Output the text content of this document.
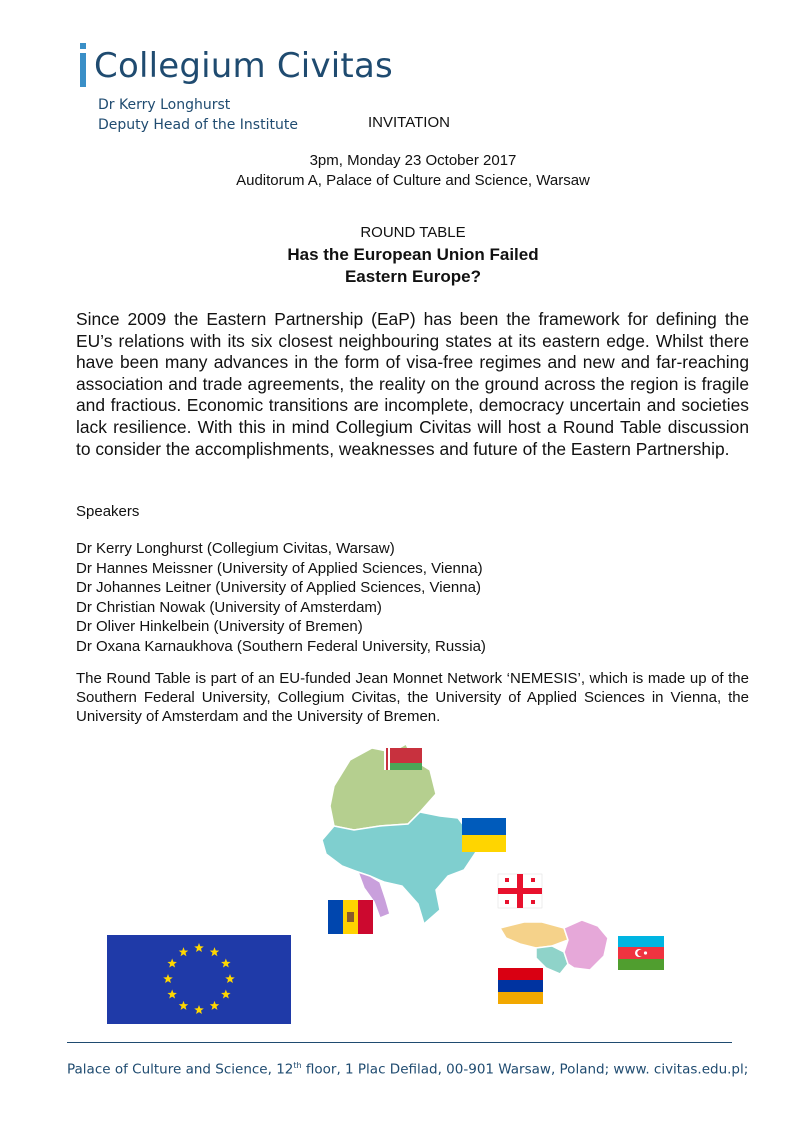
Collegium Civitas
Dr Kerry Longhurst
Deputy Head of the Institute	INVITATION
3pm, Monday 23 October 2017
Auditorum A, Palace of Culture and Science, Warsaw
ROUND TABLE
Has the European Union Failed
Eastern Europe?

Since 2009 the Eastern Partnership (EaP) has been the framework for defining the EU’s relations with its six closest neighbouring states at its eastern edge. Whilst there have been many advances in the form of visa-free regimes and new and far-reaching association and trade agreements, the reality on the ground across the region is fragile and fractious. Economic transitions are incomplete, democracy uncertain and societies lack resilience. With this in mind Collegium Civitas will host a Round Table discussion to consider the accomplishments, weaknesses and future of the Eastern Partnership.

Speakers
Dr Kerry Longhurst (Collegium Civitas, Warsaw)
Dr Hannes Meissner (University of Applied Sciences, Vienna)
Dr Johannes Leitner (University of Applied Sciences, Vienna)
Dr Christian Nowak (University of Amsterdam)
Dr Oliver Hinkelbein (University of Bremen)
Dr Oxana Karnaukhova (Southern Federal University, Russia)

The Round Table is part of an EU-funded Jean Monnet Network ‘NEMESIS’, which is made up of the Southern Federal University, Collegium Civitas, the University of Applied Sciences in Vienna, the University of Amsterdam and the University of Bremen.

Palace of Culture and Science, 12th floor, 1 Plac Defilad, 00-901 Warsaw, Poland; www. civitas.edu.pl;
